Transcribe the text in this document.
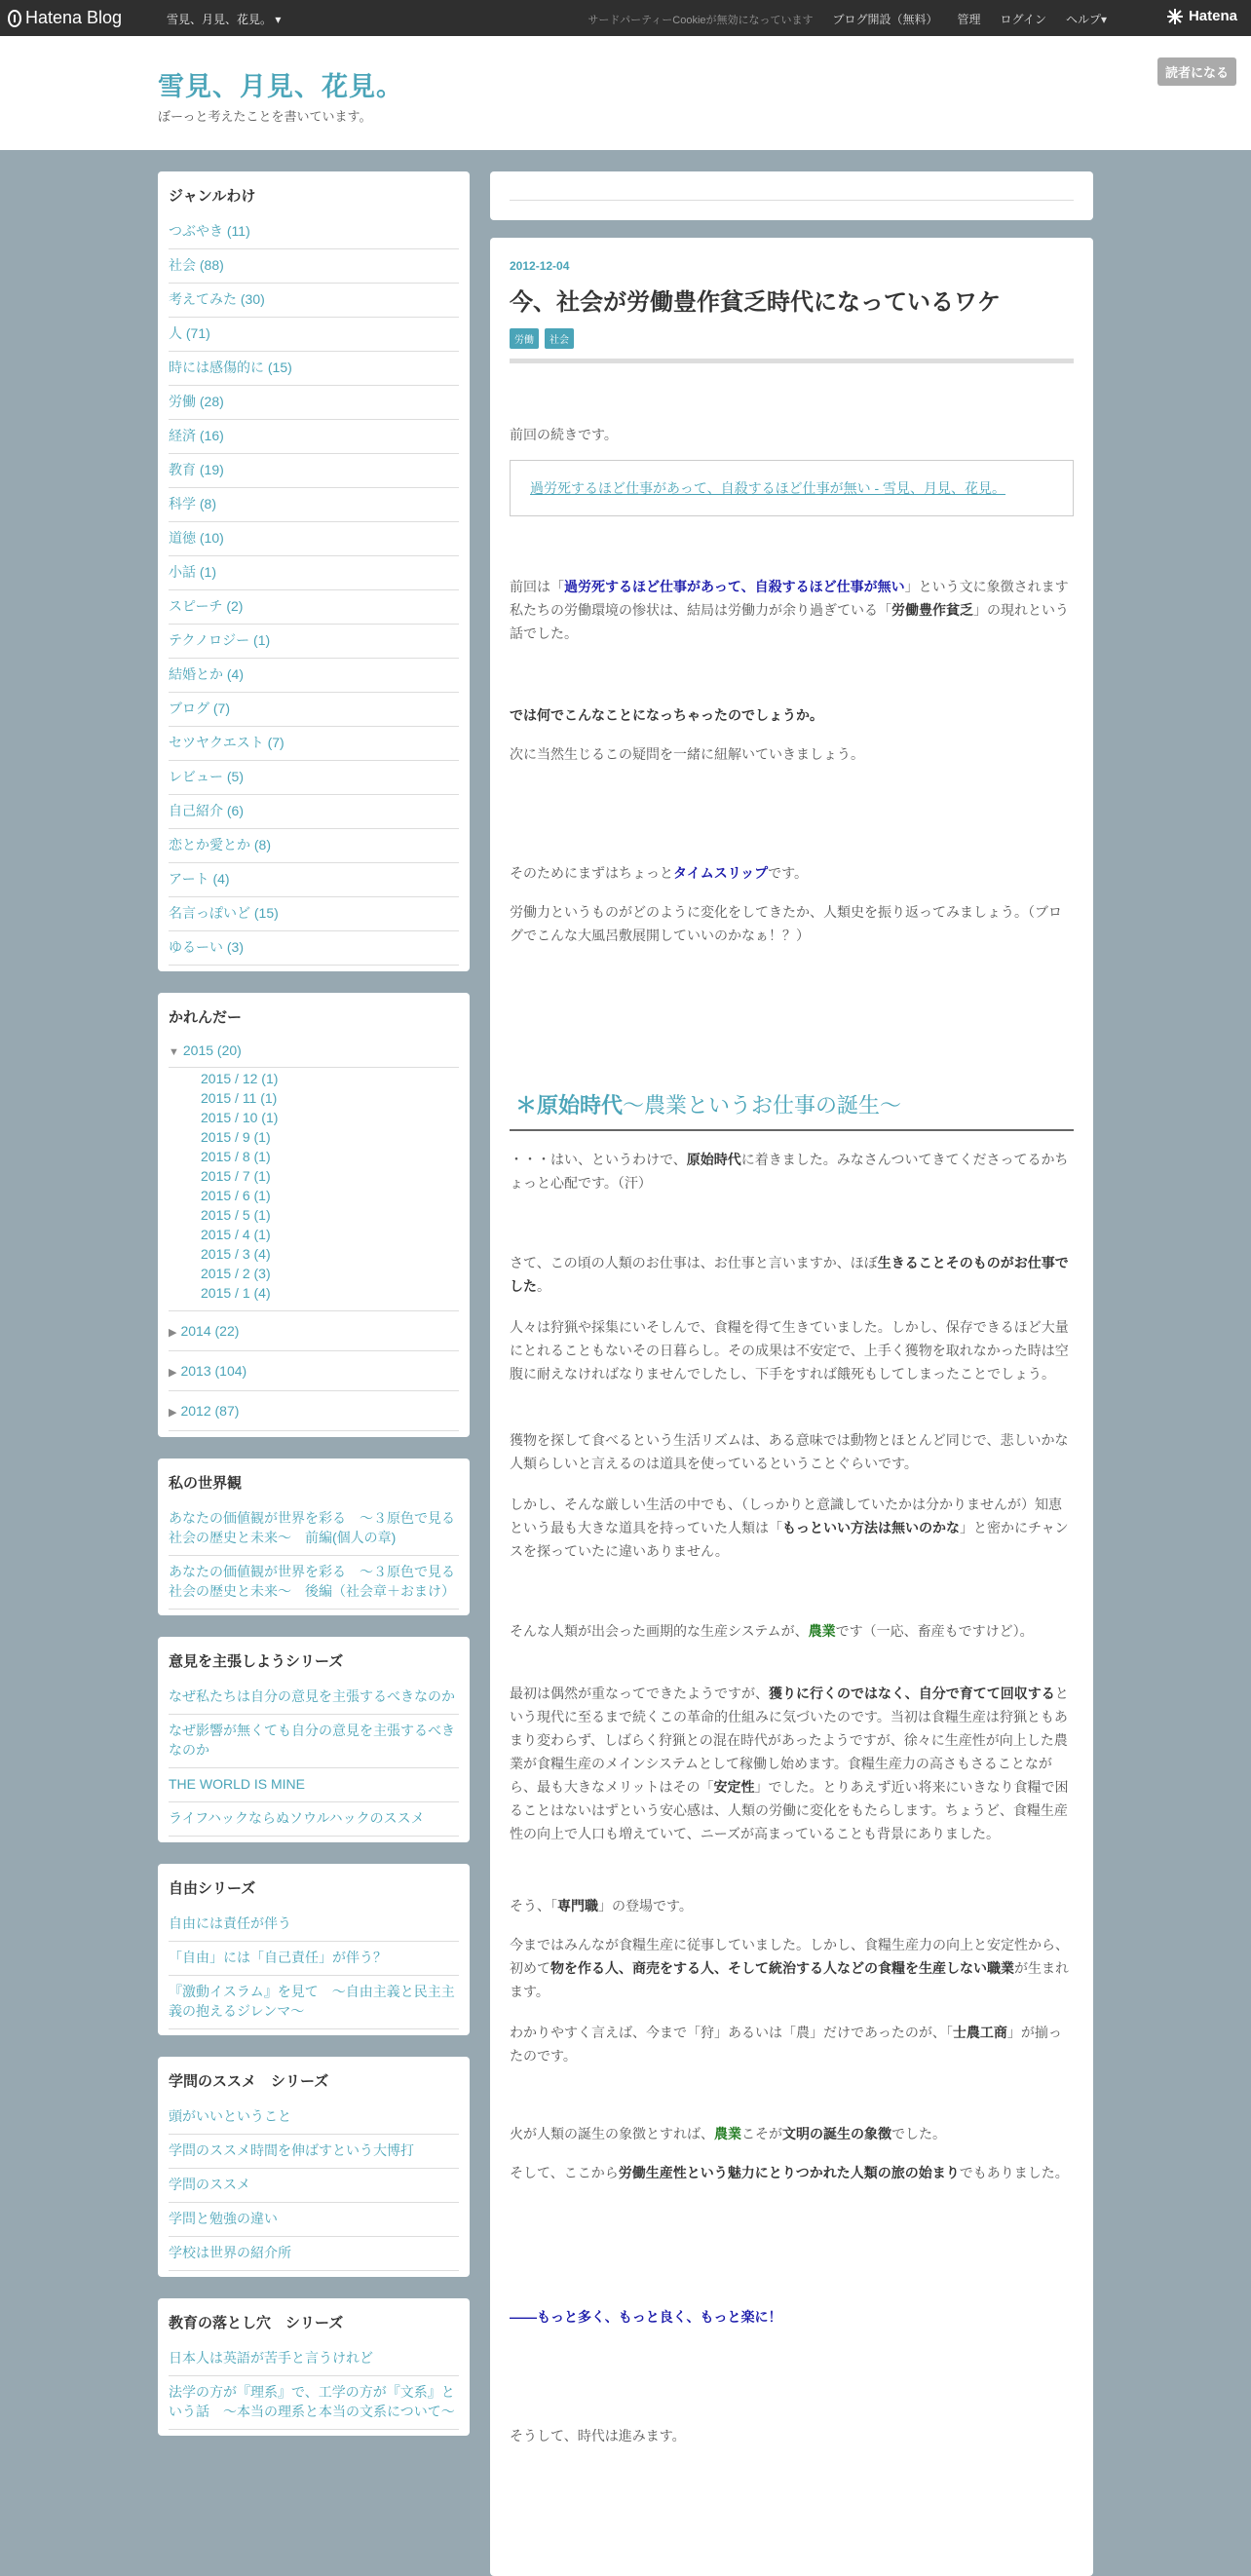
Hatena Blog	雪見、月見、花見。 ▾	サードパーティーCookieが無効になっています ブログ開設（無料） 管理 ログイン ヘルプ▾	Hatena
雪見、月見、花見。
ぼーっと考えたことを書いています。
読者になる
ジャンルわけ
つぶやき (11)
社会 (88)
考えてみた (30)
人 (71)
時には感傷的に (15)
労働 (28)
経済 (16)
教育 (19)
科学 (8)
道徳 (10)
小話 (1)
スピーチ (2)
テクノロジー (1)
結婚とか (4)
ブログ (7)
セツヤクエスト (7)
レビュー (5)
自己紹介 (6)
恋とか愛とか (8)
アート (4)
名言っぽいど (15)
ゆるーい (3)
かれんだー
▼ 2015 (20)
2015 / 12 (1)
2015 / 11 (1)
2015 / 10 (1)
2015 / 9 (1)
2015 / 8 (1)
2015 / 7 (1)
2015 / 6 (1)
2015 / 5 (1)
2015 / 4 (1)
2015 / 3 (4)
2015 / 2 (3)
2015 / 1 (4)
▶ 2014 (22)
▶ 2013 (104)
▶ 2012 (87)
私の世界観
あなたの価値観が世界を彩る　～３原色で見る社会の歴史と未来～　前編(個人の章)
あなたの価値観が世界を彩る　～３原色で見る社会の歴史と未来～　後編（社会章＋おまけ）
意見を主張しようシリーズ
なぜ私たちは自分の意見を主張するべきなのか
なぜ影響が無くても自分の意見を主張するべきなのか
THE WORLD IS MINE
ライフハックならぬソウルハックのススメ
自由シリーズ
自由には責任が伴う
「自由」には「自己責任」が伴う？
『激動イスラム』を見て　～自由主義と民主主義の抱えるジレンマ～
学問のススメ　シリーズ
頭がいいということ
学問のススメ時間を伸ばすという大博打
学問のススメ
学問と勉強の違い
学校は世界の紹介所
教育の落とし穴　シリーズ
日本人は英語が苦手と言うけれど
法学の方が『理系』で、工学の方が『文系』という話　～本当の理系と本当の文系について～
2012-12-04
今、社会が労働豊作貧乏時代になっているワケ
労働	社会

前回の続きです。

過労死するほど仕事があって、自殺するほど仕事が無い - 雪見、月見、花見。

前回は「過労死するほど仕事があって、自殺するほど仕事が無い」という文に象徴されます私たちの労働環境の惨状は、結局は労働力が余り過ぎている「労働豊作貧乏」の現れという話でした。

では何でこんなことになっちゃったのでしょうか。

次に当然生じるこの疑問を一緒に紐解いていきましょう。

そのためにまずはちょっとタイムスリップです。

労働力というものがどのように変化をしてきたか、人類史を振り返ってみましょう。（ブログでこんな大風呂敷展開していいのかなぁ！？）

＊原始時代～農業というお仕事の誕生～

・・・はい、というわけで、原始時代に着きました。みなさんついてきてくださってるかちょっと心配です。（汗）

さて、この頃の人類のお仕事は、お仕事と言いますか、ほぼ生きることそのものがお仕事でした。

人々は狩猟や採集にいそしんで、食糧を得て生きていました。しかし、保存できるほど大量にとれることもないその日暮らし。その成果は不安定で、上手く獲物を取れなかった時は空腹に耐えなければなりませんでしたし、下手をすれば餓死もしてしまったことでしょう。

獲物を探して食べるという生活リズムは、ある意味では動物とほとんど同じで、悲しいかな人類らしいと言えるのは道具を使っているということぐらいです。

しかし、そんな厳しい生活の中でも、（しっかりと意識していたかは分かりませんが）知恵という最も大きな道具を持っていた人類は「もっといい方法は無いのかな」と密かにチャンスを探っていたに違いありません。

そんな人類が出会った画期的な生産システムが、農業です（一応、畜産もですけど）。

最初は偶然が重なってできたようですが、獲りに行くのではなく、自分で育てて回収するという現代に至るまで続くこの革命的仕組みに気づいたのです。当初は食糧生産は狩猟ともあまり変わらず、しばらく狩猟との混在時代があったようですが、徐々に生産性が向上した農業が食糧生産のメインシステムとして稼働し始めます。食糧生産力の高さもさることながら、最も大きなメリットはその「安定性」でした。とりあえず近い将来にいきなり食糧で困ることはないはずという安心感は、人類の労働に変化をもたらします。ちょうど、食糧生産性の向上で人口も増えていて、ニーズが高まっていることも背景にありました。

そう、「専門職」の登場です。

今まではみんなが食糧生産に従事していました。しかし、食糧生産力の向上と安定性から、初めて物を作る人、商売をする人、そして統治する人などの食糧を生産しない職業が生まれます。

わかりやすく言えば、今まで「狩」あるいは「農」だけであったのが、「士農工商」が揃ったのです。

火が人類の誕生の象徴とすれば、農業こそが文明の誕生の象徴でした。

そして、ここから労働生産性という魅力にとりつかれた人類の旅の始まりでもありました。

――もっと多く、もっと良く、もっと楽に！

そうして、時代は進みます。
